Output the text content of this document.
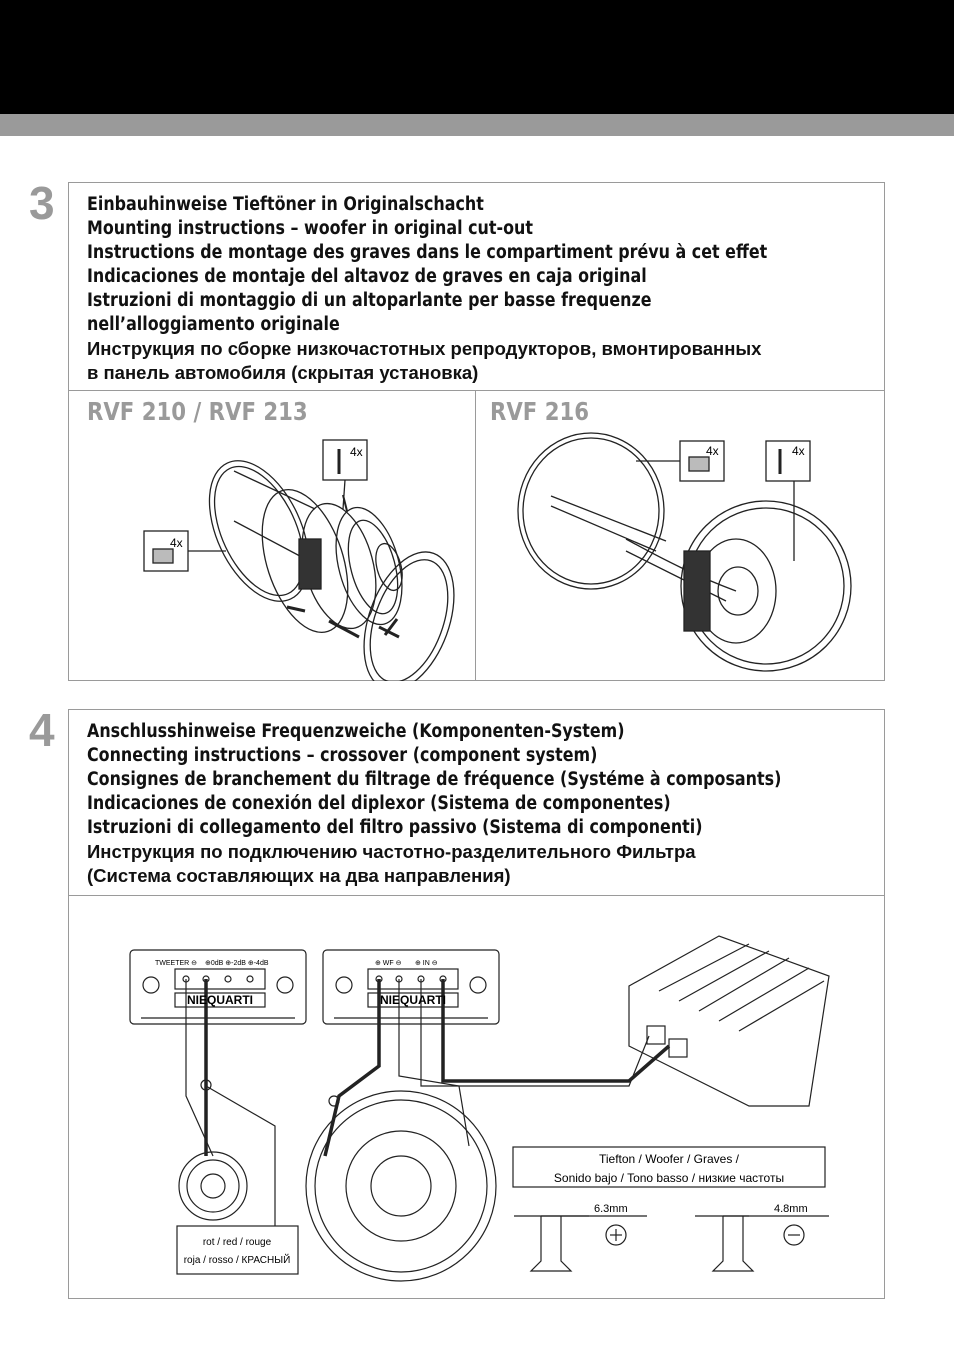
3 Einbauhinweise Tieftöner in Originalschacht
Mounting instructions – woofer in original cut-out
Instructions de montage des graves dans le compartiment prévu à cet effet
Indicaciones de montaje del altavoz de graves en caja original
Istruzioni di montaggio di un altoparlante per basse frequenze
nell’alloggiamento originale
Инструкция по сборке низкочастотных репродукторов, вмонтированных
в панель автомобиля (скрытая установка)
RVF 210 / RVF 213	RVF 216
4x
4x
4x	4x
4 Anschlusshinweise Frequenzweiche (Komponenten-System)
Connecting instructions – crossover (component system)
Consignes de branchement du filtrage de fréquence (Systéme à composants)
Indicaciones de conexión del diplexor (Sistema de componentes)
Istruzioni di collegamento del filtro passivo (Sistema di componenti)
Инструкция по подключению частотно-разделительного Фильтра
(Система составляющих на два направления)
TWEETER ⊖ ⊕0dB ⊕-2dB ⊕-4dB
NIEQUARTI
⊕ WF ⊖ ⊕ IN ⊖
NIEQUARTI
Tiefton / Woofer / Graves /
Sonido bajo / Tono basso / низкие частоты
rot / red / rouge
roja / rosso / КРАСНЫЙ
6.3mm	4.8mm
